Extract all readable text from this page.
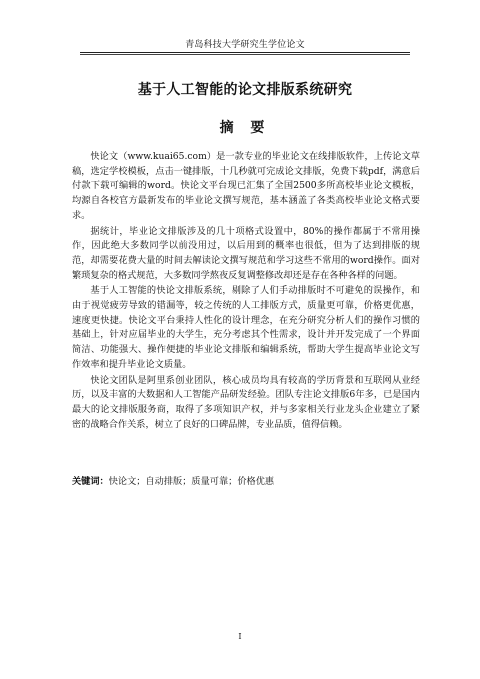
青岛科技大学研究生学位论文
基于人工智能的论文排版系统研究
摘 要

快论文（www.kuai65.com）是一款专业的毕业论文在线排版软件，上传论文草稿，选定学校模板，点击一键排版，十几秒就可完成论文排版，免费下载pdf，满意后付款下载可编辑的word。快论文平台现已汇集了全国2500多所高校毕业论文模板，均源自各校官方最新发布的毕业论文撰写规范，基本涵盖了各类高校毕业论文格式要求。

据统计，毕业论文排版涉及的几十项格式设置中，80%的操作都属于不常用操作，因此绝大多数同学以前没用过，以后用到的概率也很低，但为了达到排版的规范，却需要花费大量的时间去解读论文撰写规范和学习这些不常用的word操作。面对繁琐复杂的格式规范，大多数同学熬夜反复调整修改却还是存在各种各样的问题。

基于人工智能的快论文排版系统，剔除了人们手动排版时不可避免的误操作，和由于视觉疲劳导致的错漏等，较之传统的人工排版方式，质量更可靠，价格更优惠，速度更快捷。快论文平台秉持人性化的设计理念，在充分研究分析人们的操作习惯的基础上，针对应届毕业的大学生，充分考虑其个性需求，设计并开发完成了一个界面简洁、功能强大、操作便捷的毕业论文排版和编辑系统，帮助大学生提高毕业论文写作效率和提升毕业论文质量。

快论文团队是阿里系创业团队，核心成员均具有较高的学历背景和互联网从业经历，以及丰富的大数据和人工智能产品研发经验。团队专注论文排版6年多，已是国内最大的论文排版服务商，取得了多项知识产权，并与多家相关行业龙头企业建立了紧密的战略合作关系，树立了良好的口碑品牌，专业品质，值得信赖。

关键词：快论文；自动排版；质量可靠；价格优惠
I
